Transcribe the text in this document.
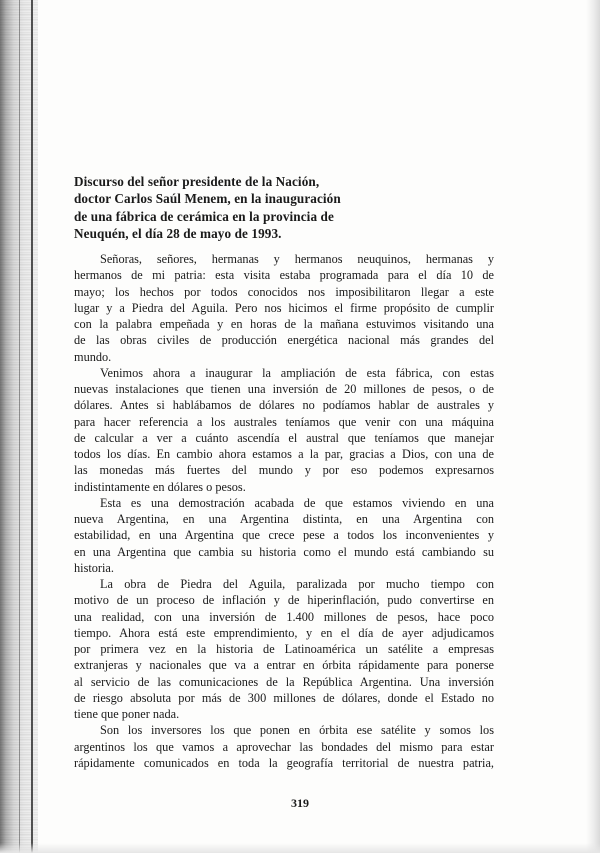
Discurso del señor presidente de la Nación,
doctor Carlos Saúl Menem, en la inauguración
de una fábrica de cerámica en la provincia de
Neuquén, el día 28 de mayo de 1993.
Señoras, señores, hermanas y hermanos neuquinos, hermanas y
hermanos de mi patria: esta visita estaba programada para el día 10 de
mayo; los hechos por todos conocidos nos imposibilitaron llegar a este
lugar y a Piedra del Aguila. Pero nos hicimos el firme propósito de cumplir
con la palabra empeñada y en horas de la mañana estuvimos visitando una
de las obras civiles de producción energética nacional más grandes del
mundo.
Venimos ahora a inaugurar la ampliación de esta fábrica, con estas
nuevas instalaciones que tienen una inversión de 20 millones de pesos, o de
dólares. Antes si hablábamos de dólares no podíamos hablar de australes y
para hacer referencia a los australes teníamos que venir con una máquina
de calcular a ver a cuánto ascendía el austral que teníamos que manejar
todos los días. En cambio ahora estamos a la par, gracias a Dios, con una de
las monedas más fuertes del mundo y por eso podemos expresarnos
indistintamente en dólares o pesos.
Esta es una demostración acabada de que estamos viviendo en una
nueva Argentina, en una Argentina distinta, en una Argentina con
estabilidad, en una Argentina que crece pese a todos los inconvenientes y
en una Argentina que cambia su historia como el mundo está cambiando su
historia.
La obra de Piedra del Aguila, paralizada por mucho tiempo con
motivo de un proceso de inflación y de hiperinflación, pudo convertirse en
una realidad, con una inversión de 1.400 millones de pesos, hace poco
tiempo. Ahora está este emprendimiento, y en el día de ayer adjudicamos
por primera vez en la historia de Latinoamérica un satélite a empresas
extranjeras y nacionales que va a entrar en órbita rápidamente para ponerse
al servicio de las comunicaciones de la República Argentina. Una inversión
de riesgo absoluta por más de 300 millones de dólares, donde el Estado no
tiene que poner nada.
Son los inversores los que ponen en órbita ese satélite y somos los
argentinos los que vamos a aprovechar las bondades del mismo para estar
rápidamente comunicados en toda la geografía territorial de nuestra patria,
319
